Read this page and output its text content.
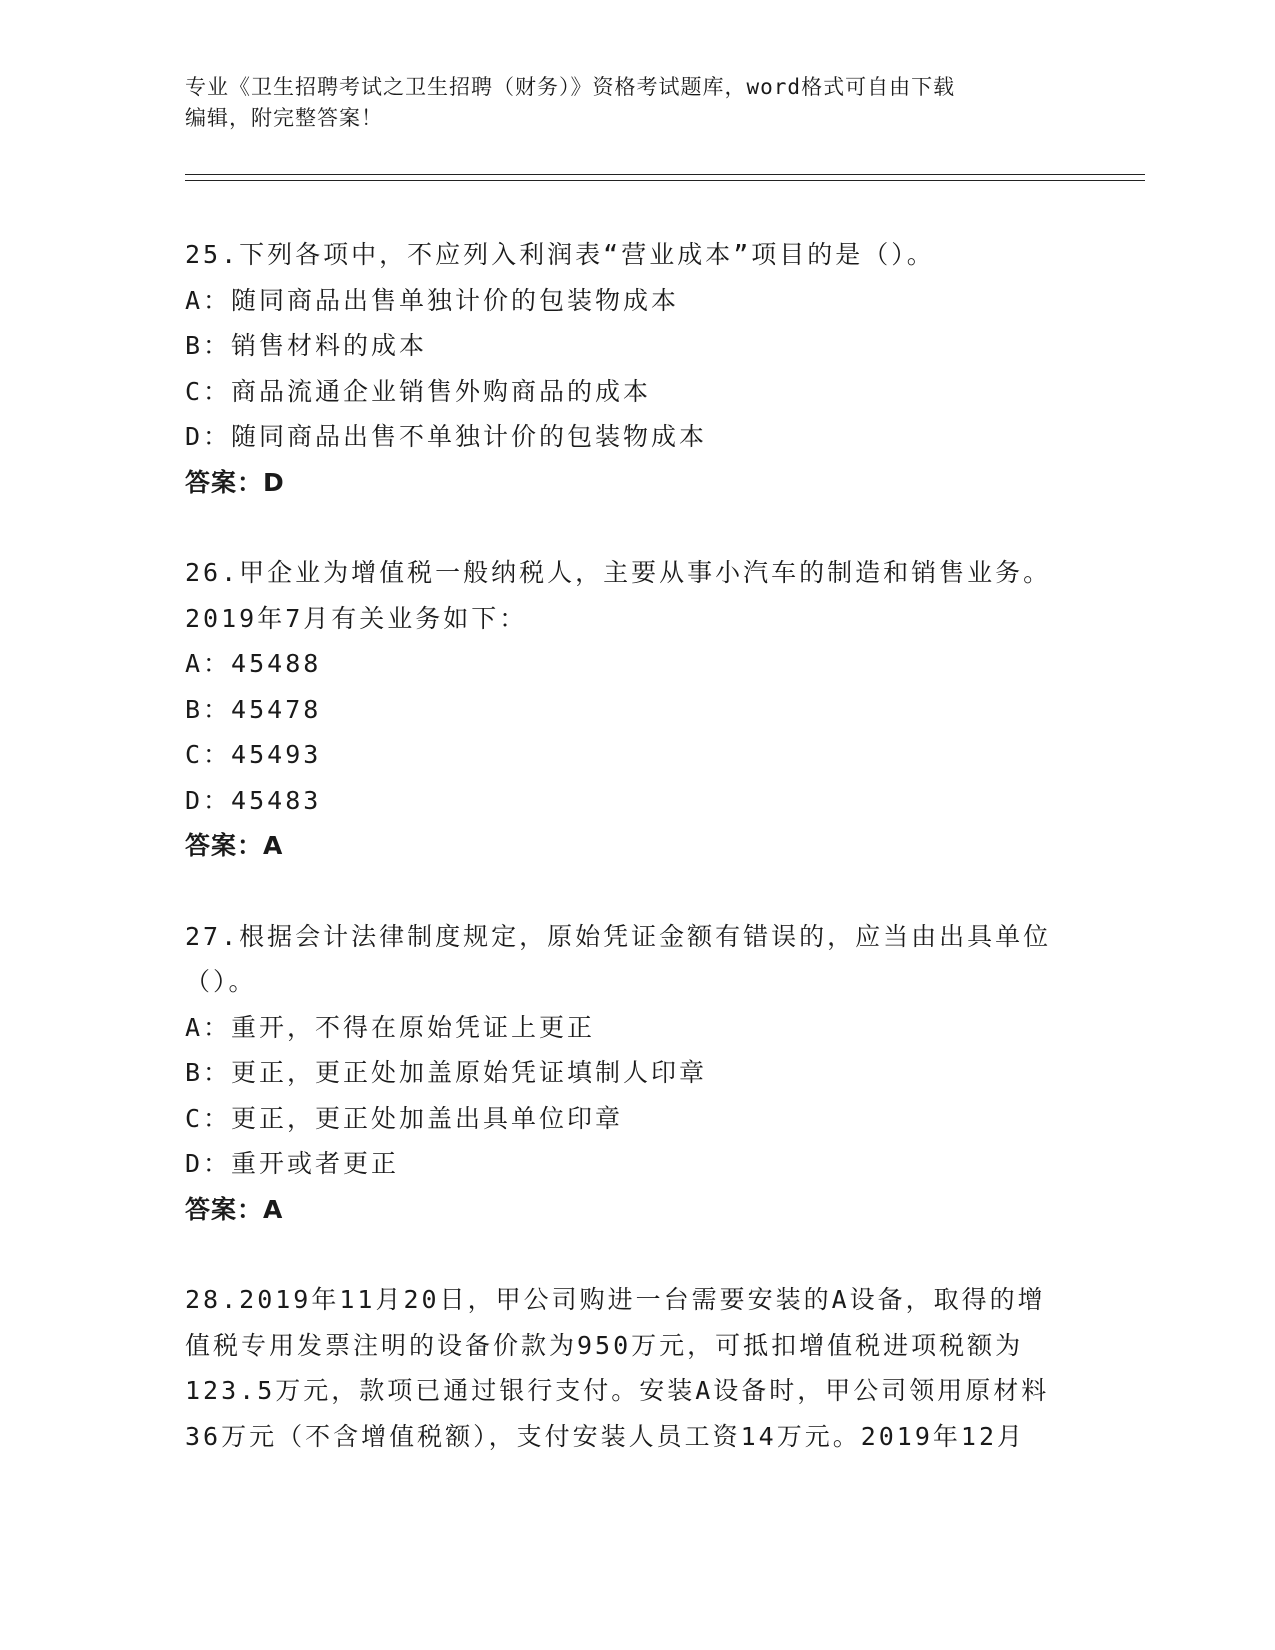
专业《卫生招聘考试之卫生招聘（财务）》资格考试题库，word格式可自由下载
编辑，附完整答案！
25.下列各项中，不应列入利润表“营业成本”项目的是（）。
A：随同商品出售单独计价的包装物成本
B：销售材料的成本
C：商品流通企业销售外购商品的成本
D：随同商品出售不单独计价的包装物成本
答案：D
26.甲企业为增值税一般纳税人，主要从事小汽车的制造和销售业务。
2019年7月有关业务如下：
A：45488
B：45478
C：45493
D：45483
答案：A
27.根据会计法律制度规定，原始凭证金额有错误的，应当由出具单位
（）。
A：重开，不得在原始凭证上更正
B：更正，更正处加盖原始凭证填制人印章
C：更正，更正处加盖出具单位印章
D：重开或者更正
答案：A
28.2019年11月20日，甲公司购进一台需要安装的A设备，取得的增
值税专用发票注明的设备价款为950万元，可抵扣增值税进项税额为
123.5万元，款项已通过银行支付。安装A设备时，甲公司领用原材料
36万元（不含增值税额），支付安装人员工资14万元。2019年12月
